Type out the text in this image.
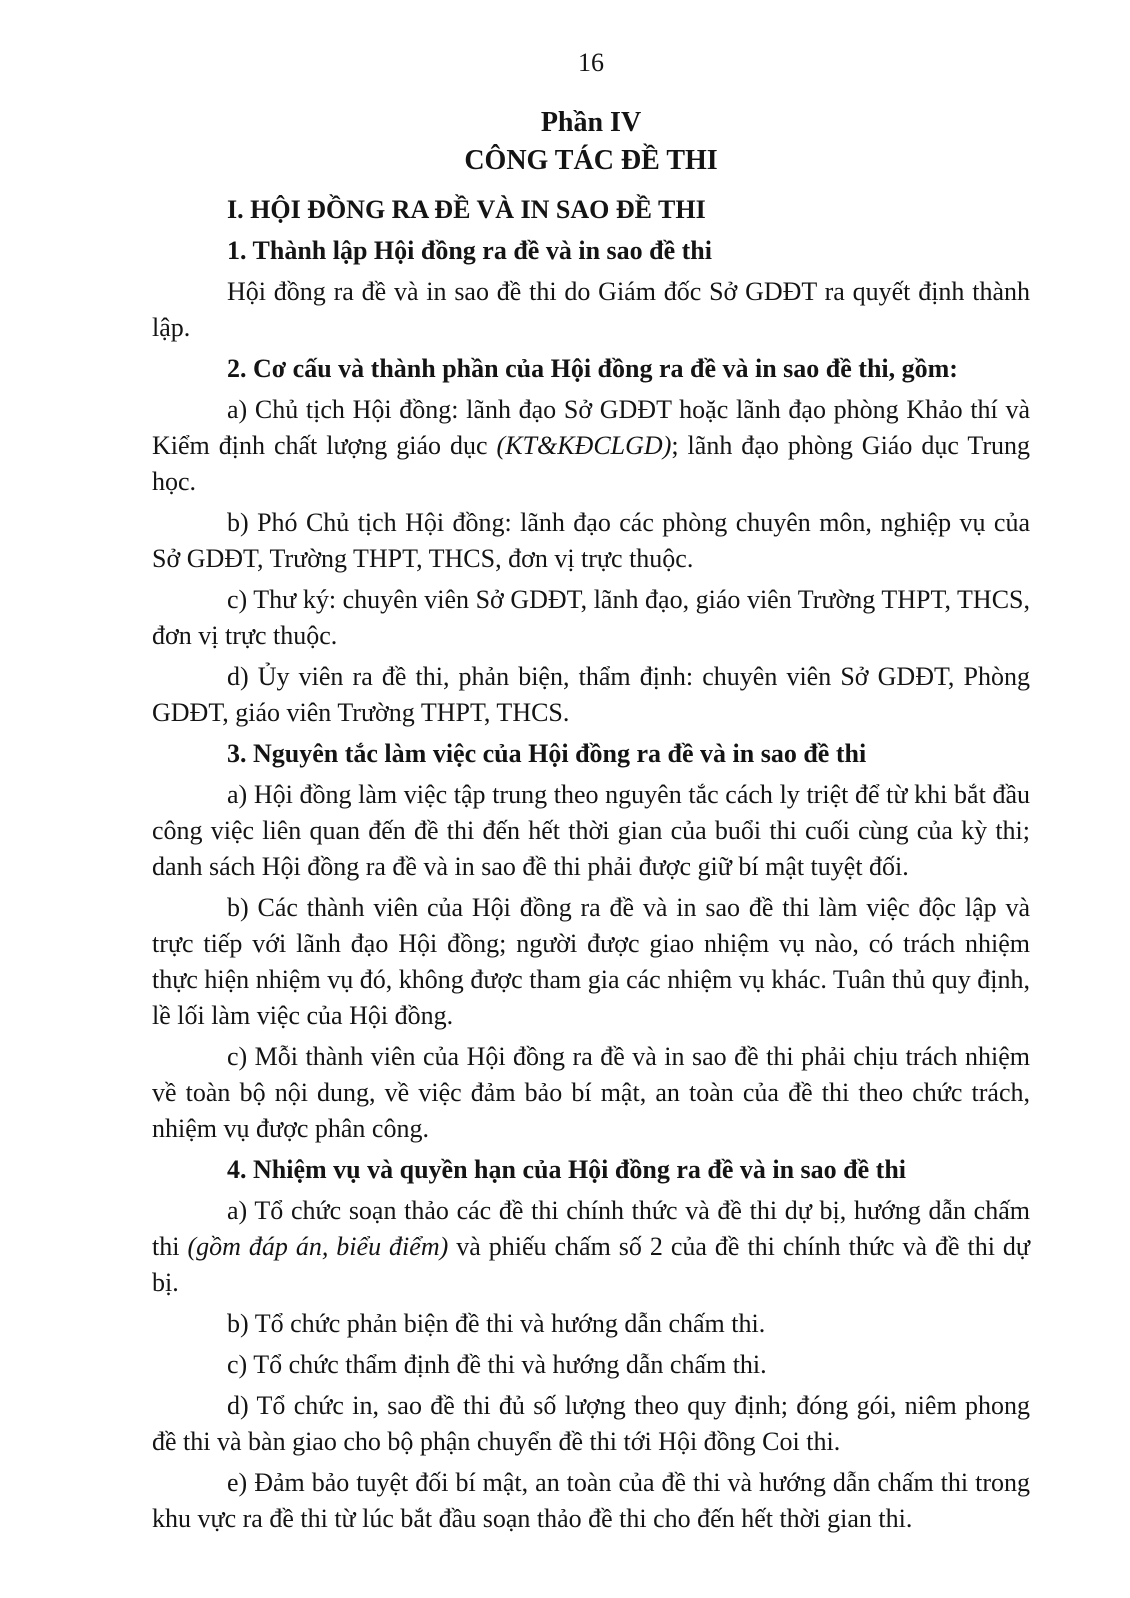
16
Phần IV
CÔNG TÁC ĐỀ THI

I. HỘI ĐỒNG RA ĐỀ VÀ IN SAO ĐỀ THI

1. Thành lập Hội đồng ra đề và in sao đề thi

Hội đồng ra đề và in sao đề thi do Giám đốc Sở GDĐT ra quyết định thành lập.

2. Cơ cấu và thành phần của Hội đồng ra đề và in sao đề thi, gồm:

a) Chủ tịch Hội đồng: lãnh đạo Sở GDĐT hoặc lãnh đạo phòng Khảo thí và Kiểm định chất lượng giáo dục (KT&KĐCLGD); lãnh đạo phòng Giáo dục Trung học.

b) Phó Chủ tịch Hội đồng: lãnh đạo các phòng chuyên môn, nghiệp vụ của Sở GDĐT, Trường THPT, THCS, đơn vị trực thuộc.

c) Thư ký: chuyên viên Sở GDĐT, lãnh đạo, giáo viên Trường THPT, THCS, đơn vị trực thuộc.

d) Ủy viên ra đề thi, phản biện, thẩm định: chuyên viên Sở GDĐT, Phòng GDĐT, giáo viên Trường THPT, THCS.

3. Nguyên tắc làm việc của Hội đồng ra đề và in sao đề thi

a) Hội đồng làm việc tập trung theo nguyên tắc cách ly triệt để từ khi bắt đầu công việc liên quan đến đề thi đến hết thời gian của buổi thi cuối cùng của kỳ thi; danh sách Hội đồng ra đề và in sao đề thi phải được giữ bí mật tuyệt đối.

b) Các thành viên của Hội đồng ra đề và in sao đề thi làm việc độc lập và trực tiếp với lãnh đạo Hội đồng; người được giao nhiệm vụ nào, có trách nhiệm thực hiện nhiệm vụ đó, không được tham gia các nhiệm vụ khác. Tuân thủ quy định, lề lối làm việc của Hội đồng.

c) Mỗi thành viên của Hội đồng ra đề và in sao đề thi phải chịu trách nhiệm về toàn bộ nội dung, về việc đảm bảo bí mật, an toàn của đề thi theo chức trách, nhiệm vụ được phân công.

4. Nhiệm vụ và quyền hạn của Hội đồng ra đề và in sao đề thi

a) Tổ chức soạn thảo các đề thi chính thức và đề thi dự bị, hướng dẫn chấm thi (gồm đáp án, biểu điểm) và phiếu chấm số 2 của đề thi chính thức và đề thi dự bị.

b) Tổ chức phản biện đề thi và hướng dẫn chấm thi.

c) Tổ chức thẩm định đề thi và hướng dẫn chấm thi.

d) Tổ chức in, sao đề thi đủ số lượng theo quy định; đóng gói, niêm phong đề thi và bàn giao cho bộ phận chuyển đề thi tới Hội đồng Coi thi.

e) Đảm bảo tuyệt đối bí mật, an toàn của đề thi và hướng dẫn chấm thi trong khu vực ra đề thi từ lúc bắt đầu soạn thảo đề thi cho đến hết thời gian thi.
